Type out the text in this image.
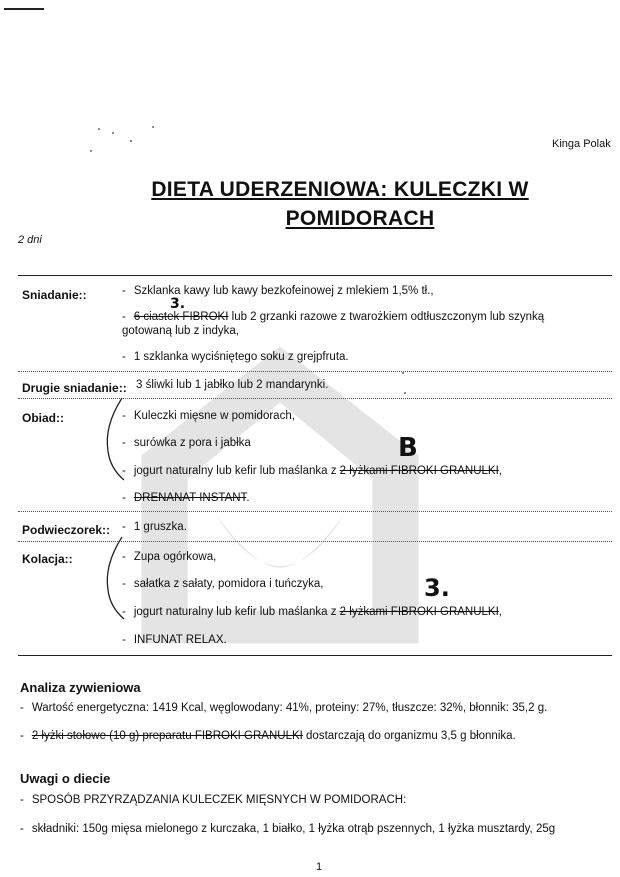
Kinga Polak
DIETA UDERZENIOWA: KULECZKI W
POMIDORACH
2 dni
Sniadanie::	- Szklanka kawy lub kawy bezkofeinowej z mlekiem 1,5% tł.,
3.
- 6 ciastek FIBROKI lub 2 grzanki razowe z twarożkiem odtłuszczonym lub szynką
gotowaną lub z indyka,
- 1 szklanka wyciśniętego soku z grejpfruta.
Drugie sniadanie:: 3 śliwki lub 1 jabłko lub 2 mandarynki.
Obiad::	- Kuleczki mięsne w pomidorach,
- surówka z pora i jabłka	B
- jogurt naturalny lub kefir lub maślanka z 2 łyżkami FIBROKI GRANULKI,
- DRENANAT INSTANT.
Podwieczorek:: - 1 gruszka.
Kolacja::	- Zupa ogórkowa,
- sałatka z sałaty, pomidora i tuńczyka,	3.
- jogurt naturalny lub kefir lub maślanka z 2 łyżkami FIBROKI GRANULKI,
- INFUNAT RELAX.
Analiza zywieniowa
- Wartość energetyczna: 1419 Kcal, węglowodany: 41%, proteiny: 27%, tłuszcze: 32%, błonnik: 35,2 g.
- 2 łyżki stołowe (10 g) preparatu FIBROKI GRANULKI dostarczają do organizmu 3,5 g błonnika.
Uwagi o diecie
- SPOSÓB PRZYRZĄDZANIA KULECZEK MIĘSNYCH W POMIDORACH:
- składniki: 150g mięsa mielonego z kurczaka, 1 białko, 1 łyżka otrąb pszennych, 1 łyżka musztardy, 25g
1
